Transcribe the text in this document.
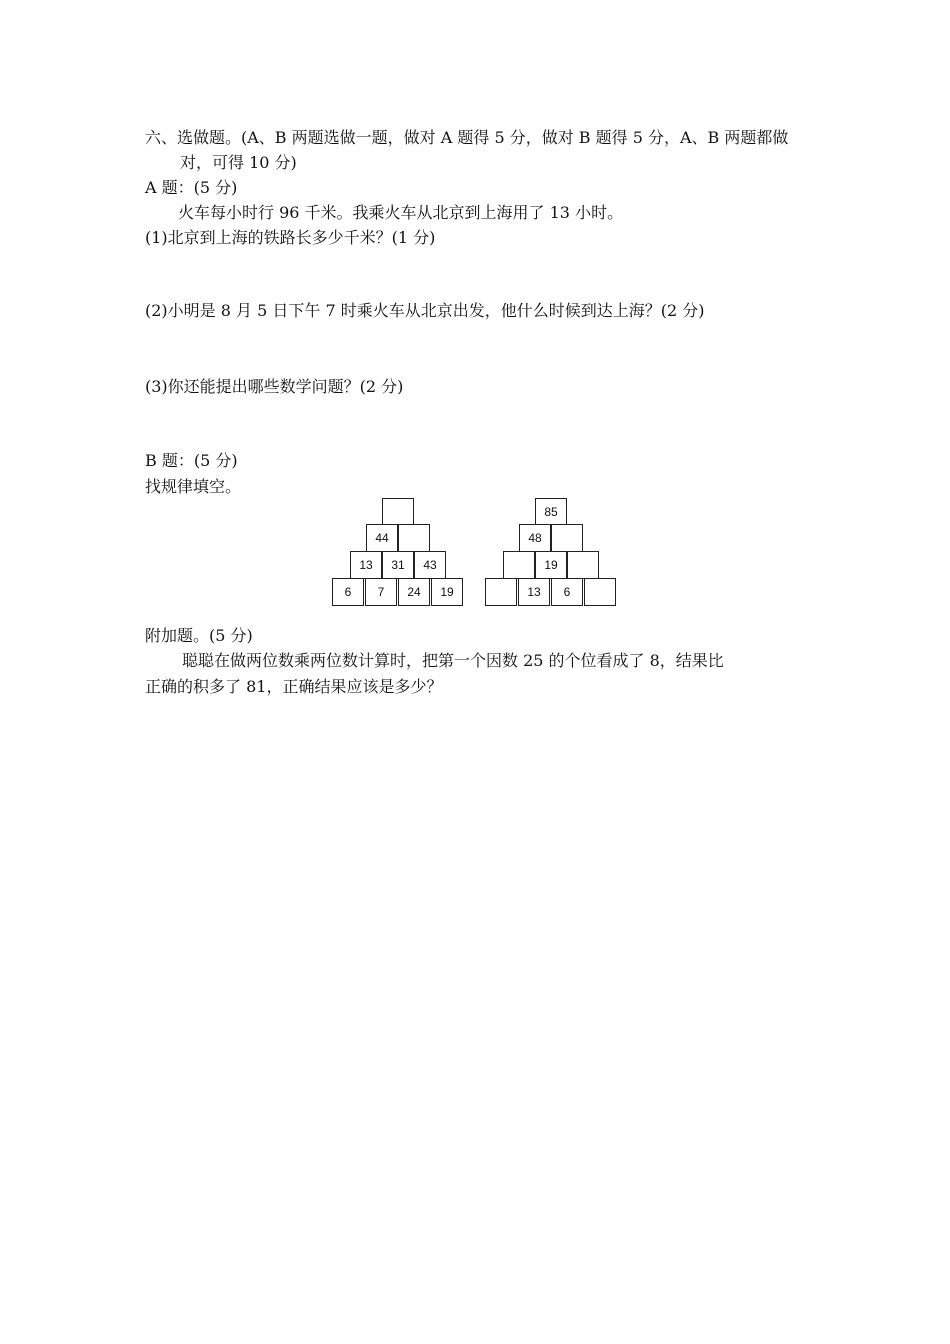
六、选做题。(A、B 两题选做一题，做对 A 题得 5 分，做对 B 题得 5 分，A、B 两题都做
对，可得 10 分)
A 题：(5 分)
火车每小时行 96 千米。我乘火车从北京到上海用了 13 小时。
(1)北京到上海的铁路长多少千米？(1 分)
(2)小明是 8 月 5 日下午 7 时乘火车从北京出发，他什么时候到达上海？(2 分)
(3)你还能提出哪些数学问题？(2 分)
B 题：(5 分)
找规律填空。
44
13	31	43
6	7	24	19
85
48
19
13	6
附加题。(5 分)
聪聪在做两位数乘两位数计算时，把第一个因数 25 的个位看成了 8，结果比
正确的积多了 81，正确结果应该是多少？
